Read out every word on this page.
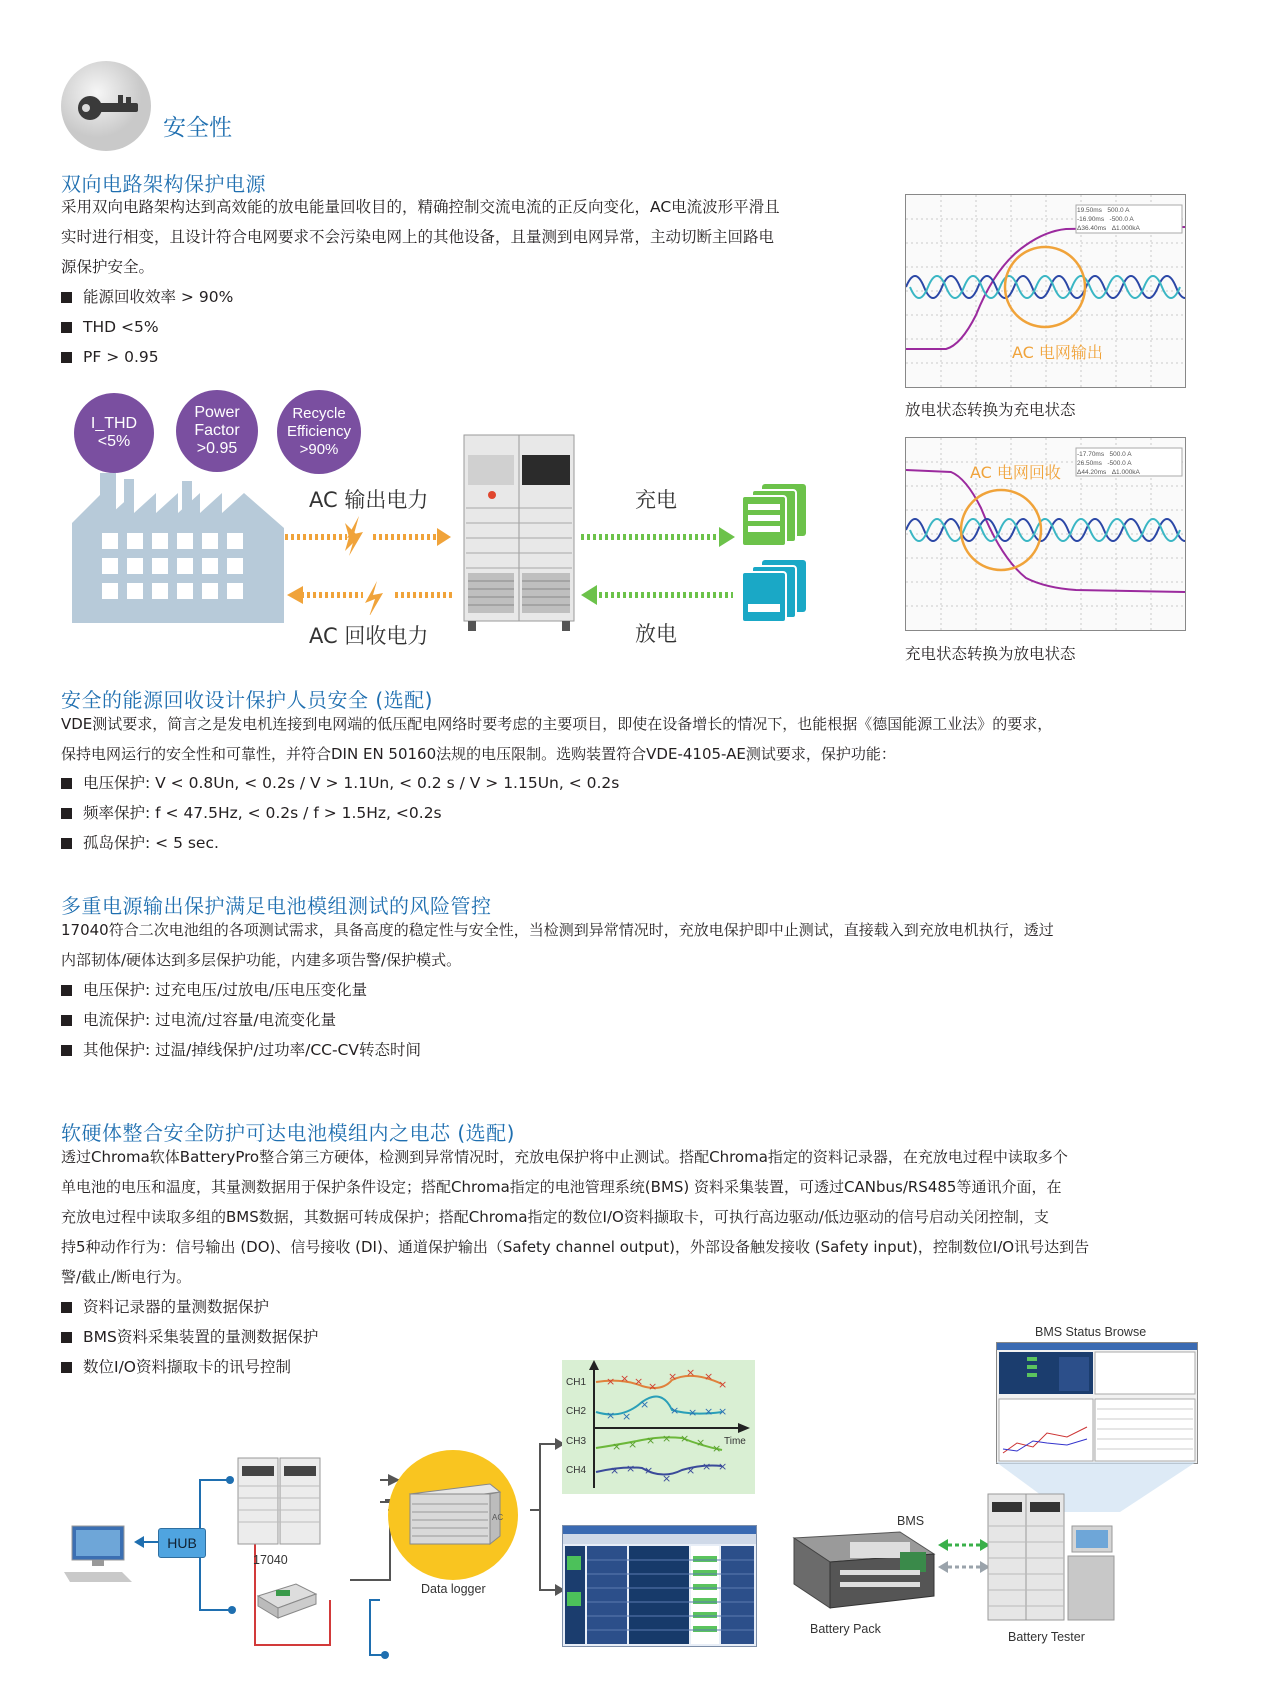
安全性
双向电路架构保护电源
采用双向电路架构达到高效能的放电能量回收目的，精确控制交流电流的正反向变化，AC电流波形平滑且
实时进行相变，且设计符合电网要求不会污染电网上的其他设备，且量测到电网异常，主动切断主回路电
源保护安全。
能源回收效率 > 90%
THD <5%
PF > 0.95
I_THD
<5%
Power
Factor
>0.95
Recycle
Efficiency
>90%
AC 输出电力
AC 回收电力
充电
放电
19.50ms 500.0 A
-16.90ms -500.0 A
Δ36.40ms Δ1.000kA
AC 电网输出
放电状态转换为充电状态
-17.70ms 500.0 A
26.50ms -500.0 A
Δ44.20ms Δ1.000kA
AC 电网回收
充电状态转换为放电状态
安全的能源回收设计保护人员安全 (选配)
VDE测试要求，简言之是发电机连接到电网端的低压配电网络时要考虑的主要项目，即使在设备增长的情况下，也能根据《德国能源工业法》的要求，
保持电网运行的安全性和可靠性，并符合DIN EN 50160法规的电压限制。选购装置符合VDE-4105-AE测试要求，保护功能：
电压保护: V < 0.8Un, < 0.2s / V > 1.1Un, < 0.2 s / V > 1.15Un, < 0.2s
频率保护: f < 47.5Hz, < 0.2s / f > 1.5Hz, <0.2s
孤岛保护: < 5 sec.
多重电源输出保护满足电池模组测试的风险管控
17040符合二次电池组的各项测试需求，具备高度的稳定性与安全性，当检测到异常情况时，充放电保护即中止测试，直接载入到充放电机执行，透过
内部韧体/硬体达到多层保护功能，内建多项告警/保护模式。
电压保护: 过充电压/过放电/压电压变化量
电流保护: 过电流/过容量/电流变化量
其他保护: 过温/掉线保护/过功率/CC-CV转态时间
软硬体整合安全防护可达电池模组内之电芯 (选配)
透过Chroma软体BatteryPro整合第三方硬体，检测到异常情况时，充放电保护将中止测试。搭配Chroma指定的资料记录器，在充放电过程中读取多个
单电池的电压和温度，其量测数据用于保护条件设定；搭配Chroma指定的电池管理系统(BMS) 资料采集装置，可透过CANbus/RS485等通讯介面，在
充放电过程中读取多组的BMS数据，其数据可转成保护；搭配Chroma指定的数位I/O资料撷取卡，可执行高边驱动/低边驱动的信号启动关闭控制，支
持5种动作行为：信号输出 (DO)、信号接收 (DI)、通道保护输出（Safety channel output)，外部设备触发接收 (Safety input)，控制数位I/O讯号达到告
警/截止/断电行为。
资料记录器的量测数据保护
BMS资料采集装置的量测数据保护
数位I/O资料撷取卡的讯号控制
HUB
17040
AC
Data logger
× × × ×
× × ×
×
× ×
× × × × ×
× × × × × × ×
× × ×
×
× × ×
CH1
CH2
CH3
CH4
Time
Battery Pack
BMS
BMS Status Browse
Battery Tester
